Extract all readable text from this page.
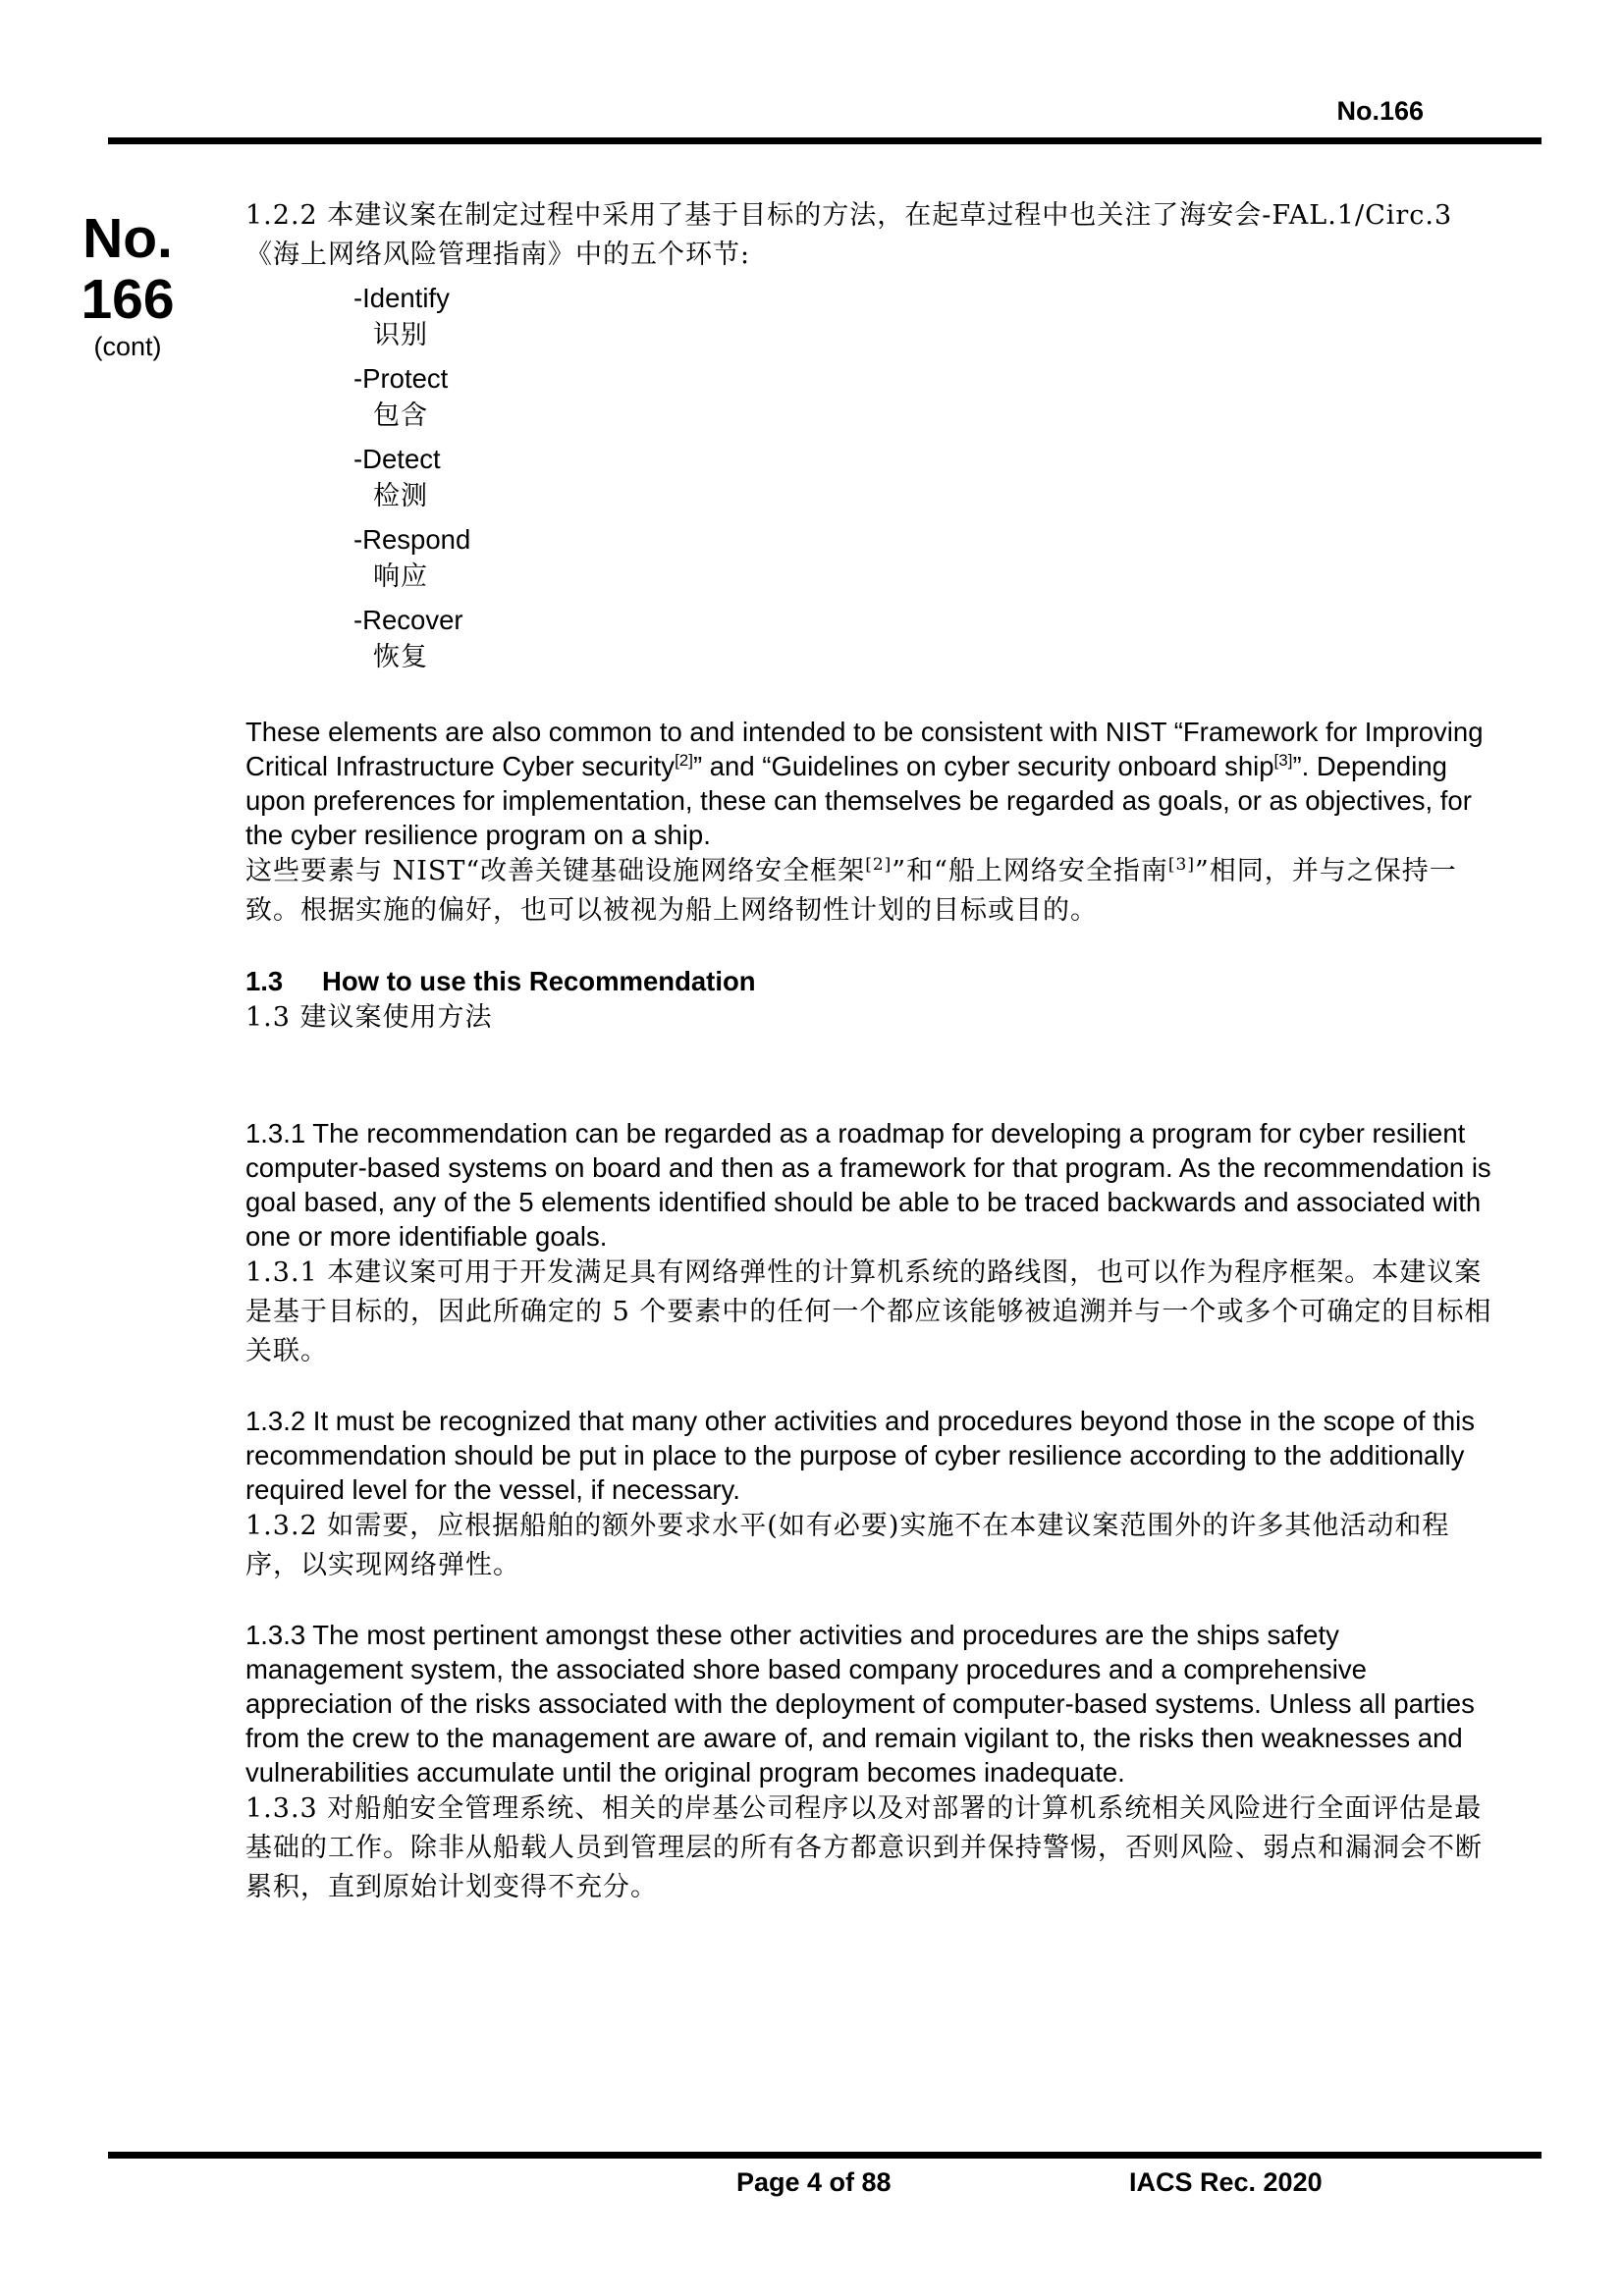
No.166
No.
166
(cont)

1.2.2 本建议案在制定过程中采用了基于目标的方法，在起草过程中也关注了海安会-FAL.1/Circ.3《海上网络风险管理指南》中的五个环节:

-Identify
识别
-Protect
包含
-Detect
检测
-Respond
响应
-Recover
恢复

These elements are also common to and intended to be consistent with NIST “Framework for Improving Critical Infrastructure Cyber security[2]” and “Guidelines on cyber security onboard ship[3]”. Depending upon preferences for implementation, these can themselves be regarded as goals, or as objectives, for the cyber resilience program on a ship.

这些要素与 NIST“改善关键基础设施网络安全框架[2]”和“船上网络安全指南[3]”相同，并与之保持一致。根据实施的偏好，也可以被视为船上网络韧性计划的目标或目的。

1.3 How to use this Recommendation

1.3 建议案使用方法

1.3.1 The recommendation can be regarded as a roadmap for developing a program for cyber resilient computer-based systems on board and then as a framework for that program. As the recommendation is goal based, any of the 5 elements identified should be able to be traced backwards and associated with one or more identifiable goals.

1.3.1 本建议案可用于开发满足具有网络弹性的计算机系统的路线图，也可以作为程序框架。本建议案是基于目标的，因此所确定的 5 个要素中的任何一个都应该能够被追溯并与一个或多个可确定的目标相关联。

1.3.2 It must be recognized that many other activities and procedures beyond those in the scope of this recommendation should be put in place to the purpose of cyber resilience according to the additionally required level for the vessel, if necessary.

1.3.2 如需要，应根据船舶的额外要求水平(如有必要)实施不在本建议案范围外的许多其他活动和程序，以实现网络弹性。

1.3.3 The most pertinent amongst these other activities and procedures are the ships safety management system, the associated shore based company procedures and a comprehensive appreciation of the risks associated with the deployment of computer-based systems. Unless all parties from the crew to the management are aware of, and remain vigilant to, the risks then weaknesses and vulnerabilities accumulate until the original program becomes inadequate.

1.3.3 对船舶安全管理系统、相关的岸基公司程序以及对部署的计算机系统相关风险进行全面评估是最基础的工作。除非从船载人员到管理层的所有各方都意识到并保持警惕，否则风险、弱点和漏洞会不断累积，直到原始计划变得不充分。

Page 4 of 88	IACS Rec. 2020
